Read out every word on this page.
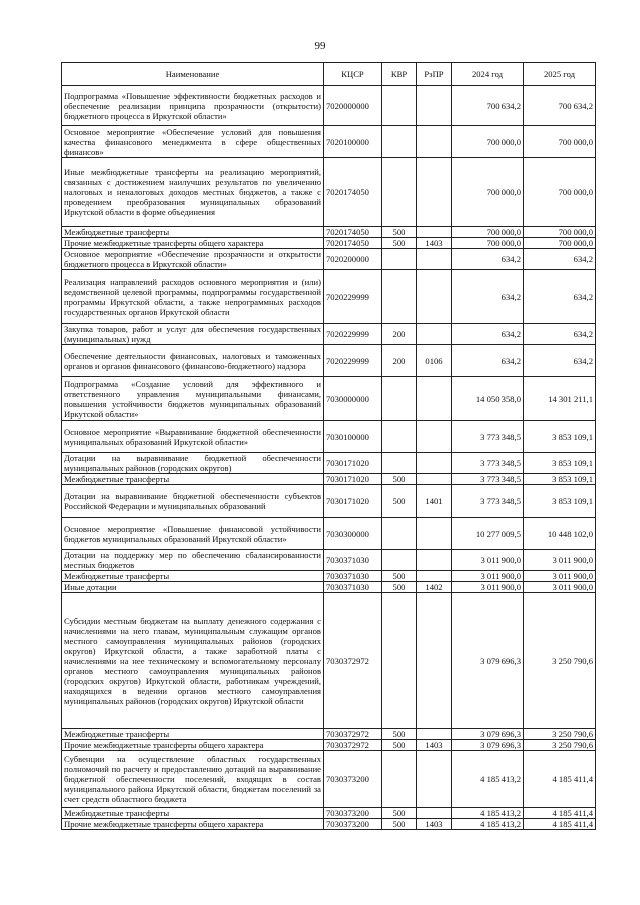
99
Наименование	КЦСР	КВР	РзПР	2024 год	2025 год
Подпрограмма «Повышение эффективности бюджетных расходов и обеспечение реализации принципа прозрачности (открытости) бюджетного процесса в Иркутской области»	7020000000			700 634,2	700 634,2
Основное мероприятие «Обеспечение условий для повышения качества финансового менеджмента в сфере общественных финансов»	7020100000			700 000,0	700 000,0
Иные межбюджетные трансферты на реализацию мероприятий, связанных с достижением наилучших результатов по увеличению налоговых и неналоговых доходов местных бюджетов, а также с проведением преобразования муниципальных образований Иркутской области в форме объединения	7020174050			700 000,0	700 000,0
Межбюджетные трансферты	7020174050	500		700 000,0	700 000,0
Прочие межбюджетные трансферты общего характера	7020174050	500	1403	700 000,0	700 000,0
Основное мероприятие «Обеспечение прозрачности и открытости бюджетного процесса в Иркутской области»	7020200000			634,2	634,2
Реализация направлений расходов основного мероприятия и (или) ведомственной целевой программы, подпрограммы государственной программы Иркутской области, а также непрограммных расходов государственных органов Иркутской области	7020229999			634,2	634,2
Закупка товаров, работ и услуг для обеспечения государственных (муниципальных) нужд	7020229999	200		634,2	634,2
Обеспечение деятельности финансовых, налоговых и таможенных органов и органов финансового (финансово-бюджетного) надзора	7020229999	200	0106	634,2	634,2
Подпрограмма «Создание условий для эффективного и ответственного управления муниципальными финансами, повышения устойчивости бюджетов муниципальных образований Иркутской области»	7030000000			14 050 358,0	14 301 211,1
Основное мероприятие «Выравнивание бюджетной обеспеченности муниципальных образований Иркутской области»	7030100000			3 773 348,5	3 853 109,1
Дотации на выравнивание бюджетной обеспеченности муниципальных районов (городских округов)	7030171020			3 773 348,5	3 853 109,1
Межбюджетные трансферты	7030171020	500		3 773 348,5	3 853 109,1
Дотации на выравнивание бюджетной обеспеченности субъектов Российской Федерации и муниципальных образований	7030171020	500	1401	3 773 348,5	3 853 109,1
Основное мероприятие «Повышение финансовой устойчивости бюджетов муниципальных образований Иркутской области»	7030300000			10 277 009,5	10 448 102,0
Дотации на поддержку мер по обеспечению сбалансированности местных бюджетов	7030371030			3 011 900,0	3 011 900,0
Межбюджетные трансферты	7030371030	500		3 011 900,0	3 011 900,0
Иные дотации	7030371030	500	1402	3 011 900,0	3 011 900,0
Субсидии местным бюджетам на выплату денежного содержания с начислениями на него главам, муниципальным служащим органов местного самоуправления муниципальных районов (городских округов) Иркутской области, а также заработной платы с начислениями на нее техническому и вспомогательному персоналу органов местного самоуправления муниципальных районов (городских округов) Иркутской области, работникам учреждений, находящихся в ведении органов местного самоуправления муниципальных районов (городских округов) Иркутской области	7030372972			3 079 696,3	3 250 790,6
Межбюджетные трансферты	7030372972	500		3 079 696,3	3 250 790,6
Прочие межбюджетные трансферты общего характера	7030372972	500	1403	3 079 696,3	3 250 790,6
Субвенции на осуществление областных государственных полномочий по расчету и предоставлению дотаций на выравнивание бюджетной обеспеченности поселений, входящих в состав муниципального района Иркутской области, бюджетам поселений за счет средств областного бюджета	7030373200			4 185 413,2	4 185 411,4
Межбюджетные трансферты	7030373200	500		4 185 413,2	4 185 411,4
Прочие межбюджетные трансферты общего характера	7030373200	500	1403	4 185 413,2	4 185 411,4
